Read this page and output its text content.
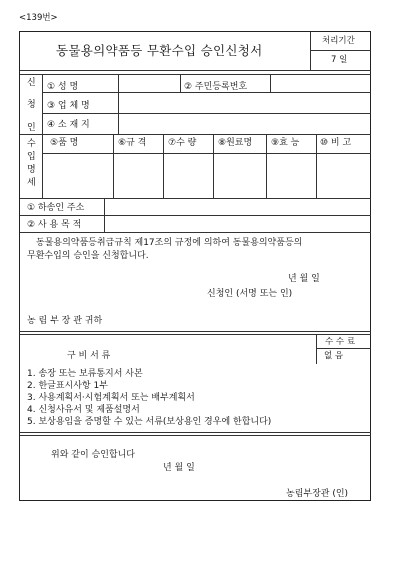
<139번>
동물용의약품등 무환수입 승인신청서
처리기간
7 일
신
청
인
① 성 명	② 주민등록번호
③ 업 체 명
④ 소 재 지
수
입
명
세
⑤품 명	⑥규 격 ⑦수 량 ⑧원료명 ⑨효 능 ⑩ 비 고
① 하송인 주소
② 사 용 목 적
동물용의약품등취급규칙 제17조의 규정에 의하여 동물용의약품등의
무환수입의 승인을 신청합니다.
년 월 일
신청인 (서명 또는 인)
농 림 부 장 관 귀하
수 수 료
없 음
구 비 서 류
1. 송장 또는 보류통지서 사본
2. 한글표시사항 1부
3. 사용계획서·시험계획서 또는 배부계획서
4. 신청사유서 및 제품설명서
5. 보상용임을 증명할 수 있는 서류(보상용인 경우에 한합니다)
위와 같이 승인합니다
년 월 일
농림부장관 (인)
